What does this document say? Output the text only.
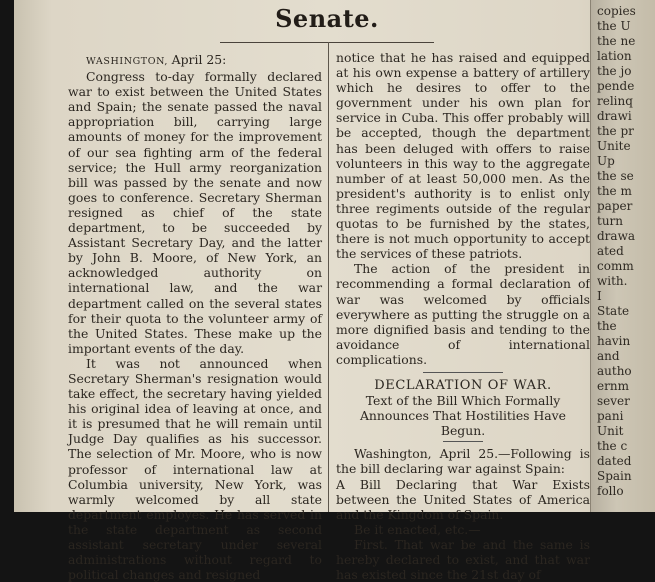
Senate.

WASHINGTON, April 25:

Congress to-day formally declared war to exist between the United States and Spain; the senate passed the naval appropriation bill, carrying large amounts of money for the improvement of our sea fighting arm of the federal service; the Hull army reorganization bill was passed by the senate and now goes to conference. Secretary Sherman resigned as chief of the state department, to be succeeded by Assistant Secretary Day, and the latter by John B. Moore, of New York, an acknowledged authority on international law, and the war department called on the several states for their quota to the volunteer army of the United States. These make up the important events of the day.

It was not announced when Secretary Sherman's resignation would take effect, the secretary having yielded his original idea of leaving at once, and it is presumed that he will remain until Judge Day qualifies as his successor. The selection of Mr. Moore, who is now professor of international law at Columbia university, New York, was warmly welcomed by all state department employes. He has served in the state department as second assistant secretary under several administrations without regard to political changes and resigned

notice that he has raised and equipped at his own expense a battery of artillery which he desires to offer to the government under his own plan for service in Cuba. This offer probably will be accepted, though the department has been deluged with offers to raise volunteers in this way to the aggregate number of at least 50,000 men. As the president's authority is to enlist only three regiments outside of the regular quotas to be furnished by the states, there is not much opportunity to accept the services of these patriots.

The action of the president in recommending a formal declaration of war was welcomed by officials everywhere as putting the struggle on a more dignified basis and tending to the avoidance of international complications.

DECLARATION OF WAR.

Text of the Bill Which Formally Announces That Hostilities Have Begun.

Washington, April 25.—Following is the bill declaring war against Spain:

A Bill Declaring that War Exists between the United States of America and the Kingdom of Spain.

Be it enacted, etc.—

First. That war be and the same is hereby declared to exist, and that war has existed since the 21st day of

copies
the U
the ne
lation
the jo
pende
relinq
drawi
the pr
Unite
Up
the se
the m
paper
turn
drawa
ated
comm
with.
I
State
the
havin
and
autho
ernm
sever
pani
Unit
the c
dated
Spain
follo
